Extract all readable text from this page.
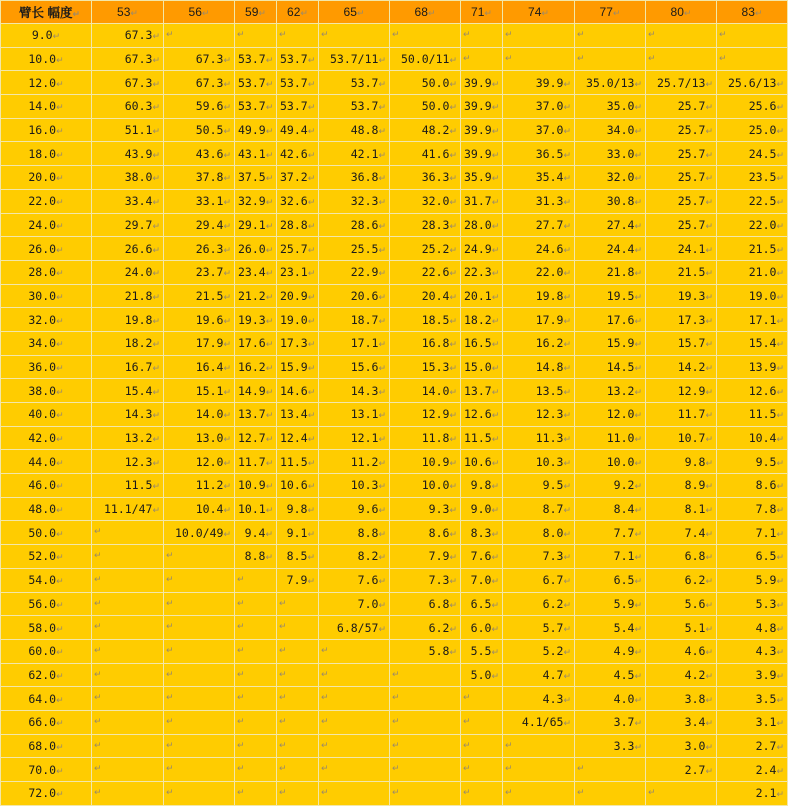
臂长 幅度↵	53↵	56↵	59↵	62↵	65↵	68↵	71↵	74↵	77↵	80↵	83↵
9.0↵	67.3↵	↵	↵	↵	↵	↵	↵	↵	↵	↵	↵

10.0↵	67.3↵	67.3↵	53.7↵	53.7↵	53.7/11↵	50.0/11↵	↵	↵	↵	↵	↵

12.0↵	67.3↵	67.3↵	53.7↵	53.7↵	53.7↵	50.0↵	39.9↵	39.9↵	35.0/13↵	25.7/13↵	25.6/13↵
14.0↵	60.3↵	59.6↵	53.7↵	53.7↵	53.7↵	50.0↵	39.9↵	37.0↵	35.0↵	25.7↵	25.6↵
16.0↵	51.1↵	50.5↵	49.9↵	49.4↵	48.8↵	48.2↵	39.9↵	37.0↵	34.0↵	25.7↵	25.0↵
18.0↵	43.9↵	43.6↵	43.1↵	42.6↵	42.1↵	41.6↵	39.9↵	36.5↵	33.0↵	25.7↵	24.5↵
20.0↵	38.0↵	37.8↵	37.5↵	37.2↵	36.8↵	36.3↵	35.9↵	35.4↵	32.0↵	25.7↵	23.5↵
22.0↵	33.4↵	33.1↵	32.9↵	32.6↵	32.3↵	32.0↵	31.7↵	31.3↵	30.8↵	25.7↵	22.5↵
24.0↵	29.7↵	29.4↵	29.1↵	28.8↵	28.6↵	28.3↵	28.0↵	27.7↵	27.4↵	25.7↵	22.0↵
26.0↵	26.6↵	26.3↵	26.0↵	25.7↵	25.5↵	25.2↵	24.9↵	24.6↵	24.4↵	24.1↵	21.5↵
28.0↵	24.0↵	23.7↵	23.4↵	23.1↵	22.9↵	22.6↵	22.3↵	22.0↵	21.8↵	21.5↵	21.0↵
30.0↵	21.8↵	21.5↵	21.2↵	20.9↵	20.6↵	20.4↵	20.1↵	19.8↵	19.5↵	19.3↵	19.0↵
32.0↵	19.8↵	19.6↵	19.3↵	19.0↵	18.7↵	18.5↵	18.2↵	17.9↵	17.6↵	17.3↵	17.1↵
34.0↵	18.2↵	17.9↵	17.6↵	17.3↵	17.1↵	16.8↵	16.5↵	16.2↵	15.9↵	15.7↵	15.4↵
36.0↵	16.7↵	16.4↵	16.2↵	15.9↵	15.6↵	15.3↵	15.0↵	14.8↵	14.5↵	14.2↵	13.9↵
38.0↵	15.4↵	15.1↵	14.9↵	14.6↵	14.3↵	14.0↵	13.7↵	13.5↵	13.2↵	12.9↵	12.6↵
40.0↵	14.3↵	14.0↵	13.7↵	13.4↵	13.1↵	12.9↵	12.6↵	12.3↵	12.0↵	11.7↵	11.5↵
42.0↵	13.2↵	13.0↵	12.7↵	12.4↵	12.1↵	11.8↵	11.5↵	11.3↵	11.0↵	10.7↵	10.4↵
44.0↵	12.3↵	12.0↵	11.7↵	11.5↵	11.2↵	10.9↵	10.6↵	10.3↵	10.0↵	9.8↵	9.5↵
46.0↵	11.5↵	11.2↵	10.9↵	10.6↵	10.3↵	10.0↵	9.8↵	9.5↵	9.2↵	8.9↵	8.6↵
48.0↵	11.1/47↵	10.4↵	10.1↵	9.8↵	9.6↵	9.3↵	9.0↵	8.7↵	8.4↵	8.1↵	7.8↵
50.0↵	↵	10.0/49↵	9.4↵	9.1↵	8.8↵	8.6↵	8.3↵	8.0↵	7.7↵	7.4↵	7.1↵
52.0↵	↵	↵	8.8↵	8.5↵	8.2↵	7.9↵	7.6↵	7.3↵	7.1↵	6.8↵	6.5↵
54.0↵	↵	↵	↵	7.9↵	7.6↵	7.3↵	7.0↵	6.7↵	6.5↵	6.2↵	5.9↵
56.0↵	↵	↵	↵	↵	7.0↵	6.8↵	6.5↵	6.2↵	5.9↵	5.6↵	5.3↵
58.0↵	↵	↵	↵	↵	6.8/57↵	6.2↵	6.0↵	5.7↵	5.4↵	5.1↵	4.8↵
60.0↵	↵	↵	↵	↵	↵	5.8↵	5.5↵	5.2↵	4.9↵	4.6↵	4.3↵
62.0↵	↵	↵	↵	↵	↵	↵	5.0↵	4.7↵	4.5↵	4.2↵	3.9↵
64.0↵	↵	↵	↵	↵	↵	↵	↵	4.3↵	4.0↵	3.8↵	3.5↵
66.0↵	↵	↵	↵	↵	↵	↵	↵	4.1/65↵	3.7↵	3.4↵	3.1↵
68.0↵	↵	↵	↵	↵	↵	↵	↵	↵	3.3↵	3.0↵	2.7↵
70.0↵	↵	↵	↵	↵	↵	↵	↵	↵	↵	2.7↵	2.4↵
72.0↵	↵	↵	↵	↵	↵	↵	↵	↵	↵	↵	2.1↵
